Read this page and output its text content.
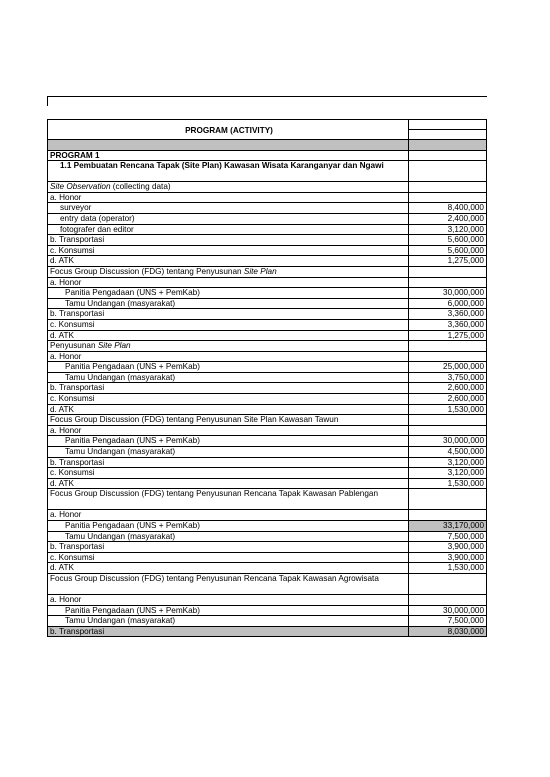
PROGRAM (ACTIVITY)
PROGRAM 1
1.1 Pembuatan Rencana Tapak (Site Plan) Kawasan Wisata Karanganyar dan Ngawi
Site Observation (collecting data)
a. Honor
surveyor	8,400,000
entry data (operator)	2,400,000
fotografer dan editor	3,120,000
b. Transportasi	5,600,000
c. Konsumsi	5,600,000
d. ATK	1,275,000
Focus Group Discussion (FDG) tentang Penyusunan Site Plan
a. Honor
Panitia Pengadaan (UNS + PemKab)	30,000,000
Tamu Undangan (masyarakat)	6,000,000
b. Transportasi	3,360,000
c. Konsumsi	3,360,000
d. ATK	1,275,000
Penyusunan Site Plan
a. Honor
Panitia Pengadaan (UNS + PemKab)	25,000,000
Tamu Undangan (masyarakat)	3,750,000
b. Transportasi	2,600,000
c. Konsumsi	2,600,000
d. ATK	1,530,000
Focus Group Discussion (FDG) tentang Penyusunan Site Plan Kawasan Tawun
a. Honor
Panitia Pengadaan (UNS + PemKab)	30,000,000
Tamu Undangan (masyarakat)	4,500,000
b. Transportasi	3,120,000
c. Konsumsi	3,120,000
d. ATK	1,530,000
Focus Group Discussion (FDG) tentang Penyusunan Rencana Tapak Kawasan Pablengan
a. Honor
Panitia Pengadaan (UNS + PemKab)	33,170,000
Tamu Undangan (masyarakat)	7,500,000
b. Transportasi	3,900,000
c. Konsumsi	3,900,000
d. ATK	1,530,000
Focus Group Discussion (FDG) tentang Penyusunan Rencana Tapak Kawasan Agrowisata
a. Honor
Panitia Pengadaan (UNS + PemKab)	30,000,000
Tamu Undangan (masyarakat)	7,500,000
b. Transportasi	8,030,000
